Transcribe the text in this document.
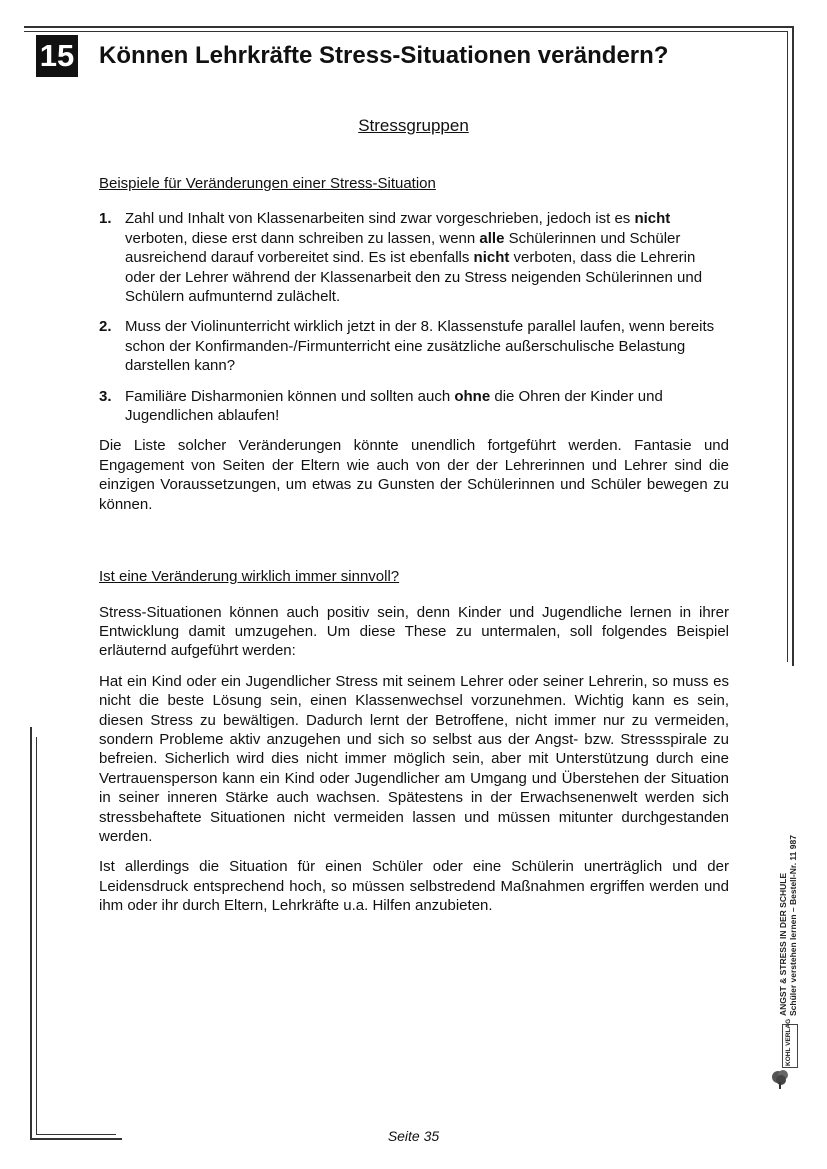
15 Können Lehrkräfte Stress-Situationen verändern?
Stressgruppen

Beispiele für Veränderungen einer Stress-Situation

1. Zahl und Inhalt von Klassenarbeiten sind zwar vorgeschrieben, jedoch ist es nicht verboten, diese erst dann schreiben zu lassen, wenn alle Schülerinnen und Schüler ausreichend darauf vorbereitet sind. Es ist ebenfalls nicht verboten, dass die Lehrerin oder der Lehrer während der Klassenarbeit den zu Stress neigenden Schülerinnen und Schülern aufmunternd zulächelt.
2. Muss der Violinunterricht wirklich jetzt in der 8. Klassenstufe parallel laufen, wenn bereits schon der Konfirmanden-/Firmunterricht eine zusätzliche außerschulische Belastung darstellen kann?
3. Familiäre Disharmonien können und sollten auch ohne die Ohren der Kinder und Jugendlichen ablaufen!

Die Liste solcher Veränderungen könnte unendlich fortgeführt werden. Fantasie und Engagement von Seiten der Eltern wie auch von der der Lehrerinnen und Lehrer sind die einzigen Voraussetzungen, um etwas zu Gunsten der Schülerinnen und Schüler bewegen zu können.

Ist eine Veränderung wirklich immer sinnvoll?

Stress-Situationen können auch positiv sein, denn Kinder und Jugendliche lernen in ihrer Entwicklung damit umzugehen. Um diese These zu untermalen, soll folgendes Beispiel erläuternd aufgeführt werden:

Hat ein Kind oder ein Jugendlicher Stress mit seinem Lehrer oder seiner Lehrerin, so muss es nicht die beste Lösung sein, einen Klassenwechsel vorzunehmen. Wichtig kann es sein, diesen Stress zu bewältigen. Dadurch lernt der Betroffene, nicht immer nur zu vermeiden, sondern Probleme aktiv anzugehen und sich so selbst aus der Angst- bzw. Stressspirale zu befreien. Sicherlich wird dies nicht immer möglich sein, aber mit Unterstützung durch eine Vertrauensperson kann ein Kind oder Jugendlicher am Umgang und Überstehen der Situation in seiner inneren Stärke auch wachsen. Spätestens in der Erwachsenenwelt werden sich stressbehaftete Situationen nicht vermeiden lassen und müssen mitunter durchgestanden werden.

Ist allerdings die Situation für einen Schüler oder eine Schülerin unerträglich und der Leidensdruck entsprechend hoch, so müssen selbstredend Maßnahmen ergriffen werden und ihm oder ihr durch Eltern, Lehrkräfte u.a. Hilfen anzubieten.	ANGST & STRESS IN DER SCHULE Schüler verstehen lernen – Bestell-Nr. 11 987
KOHL VERLAG
Seite 35
